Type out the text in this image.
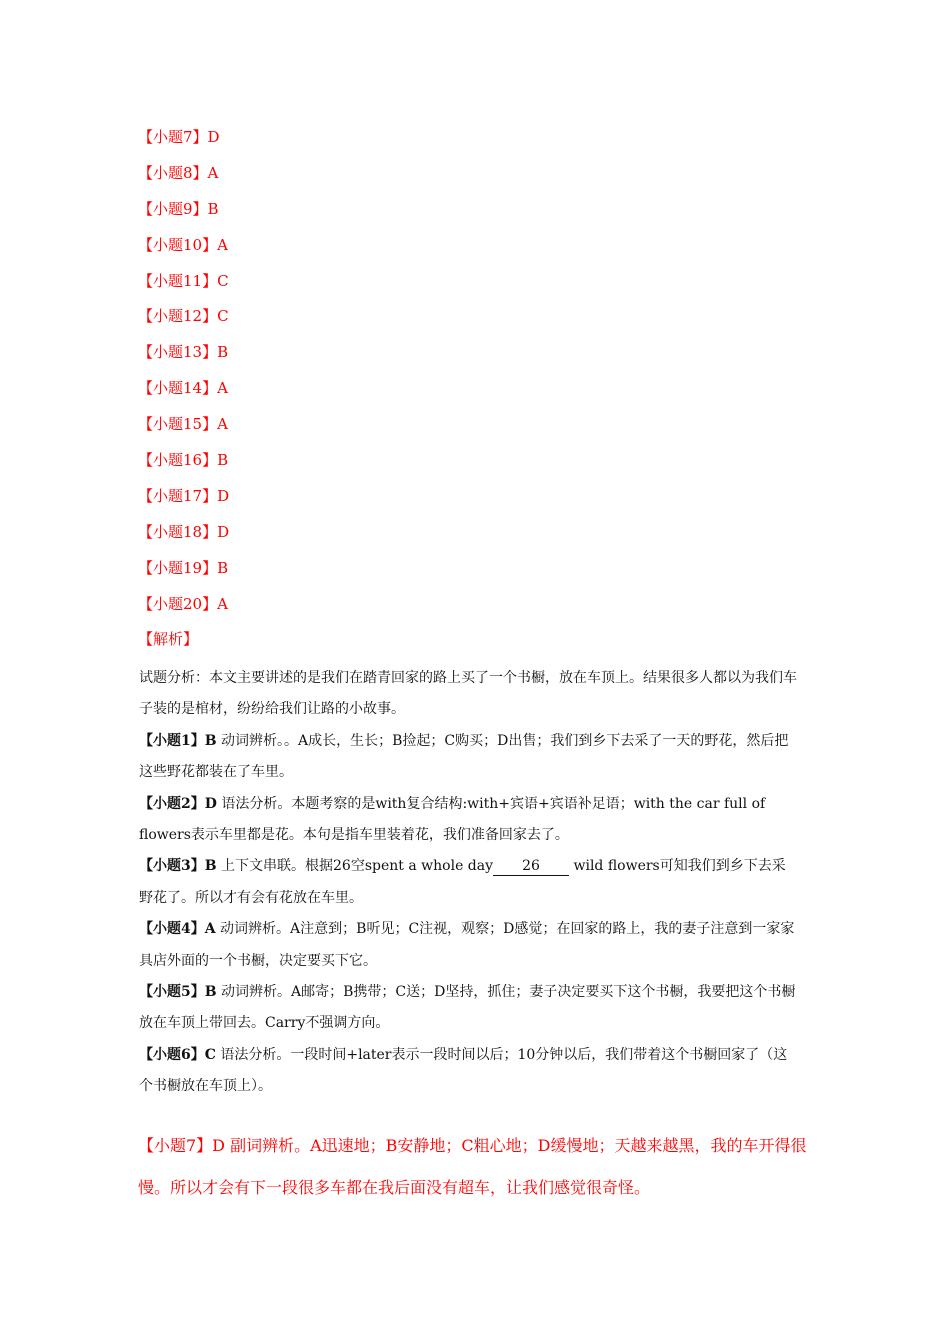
【小题7】D
【小题8】A
【小题9】B
【小题10】A
【小题11】C
【小题12】C
【小题13】B
【小题14】A
【小题15】A
【小题16】B
【小题17】D
【小题18】D
【小题19】B
【小题20】A
【解析】

试题分析：本文主要讲述的是我们在踏青回家的路上买了一个书橱，放在车顶上。结果很多人都以为我们车子装的是棺材，纷纷给我们让路的小故事。

【小题1】B 动词辨析。。A成长，生长；B捡起；C购买；D出售；我们到乡下去采了一天的野花，然后把这些野花都装在了车里。

【小题2】D 语法分析。本题考察的是with复合结构:with+宾语+宾语补足语；with the car full of flowers表示车里都是花。本句是指车里装着花，我们准备回家去了。

【小题3】B 上下文串联。根据26空spent a whole day 26 wild flowers可知我们到乡下去采野花了。所以才有会有花放在车里。

【小题4】A 动词辨析。A注意到；B听见；C注视，观察；D感觉；在回家的路上，我的妻子注意到一家家具店外面的一个书橱，决定要买下它。

【小题5】B 动词辨析。A邮寄；B携带；C送；D坚持，抓住；妻子决定要买下这个书橱，我要把这个书橱放在车顶上带回去。Carry不强调方向。

【小题6】C 语法分析。一段时间+later表示一段时间以后；10分钟以后，我们带着这个书橱回家了（这个书橱放在车顶上）。

【小题7】D 副词辨析。A迅速地；B安静地；C粗心地；D缓慢地；天越来越黑，我的车开得很慢。所以才会有下一段很多车都在我后面没有超车，让我们感觉很奇怪。
